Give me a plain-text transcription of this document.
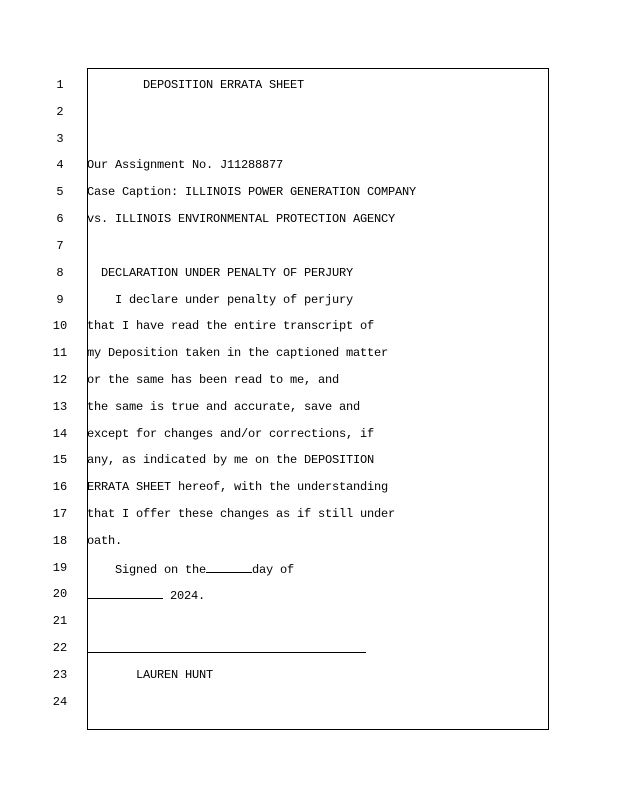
1
2
3
4
5
6
7
8
9
10
11
12
13
14
15
16
17
18
19
20
21
22
23
24
DEPOSITION ERRATA SHEET
Our Assignment No. J11288877
Case Caption: ILLINOIS POWER GENERATION COMPANY
vs. ILLINOIS ENVIRONMENTAL PROTECTION AGENCY
DECLARATION UNDER PENALTY OF PERJURY
I declare under penalty of perjury
that I have read the entire transcript of
my Deposition taken in the captioned matter
or the same has been read to me, and
the same is true and accurate, save and
except for changes and/or corrections, if
any, as indicated by me on the DEPOSITION
ERRATA SHEET hereof, with the understanding
that I offer these changes as if still under
oath.
Signed on the	day of
2024.
LAUREN HUNT
